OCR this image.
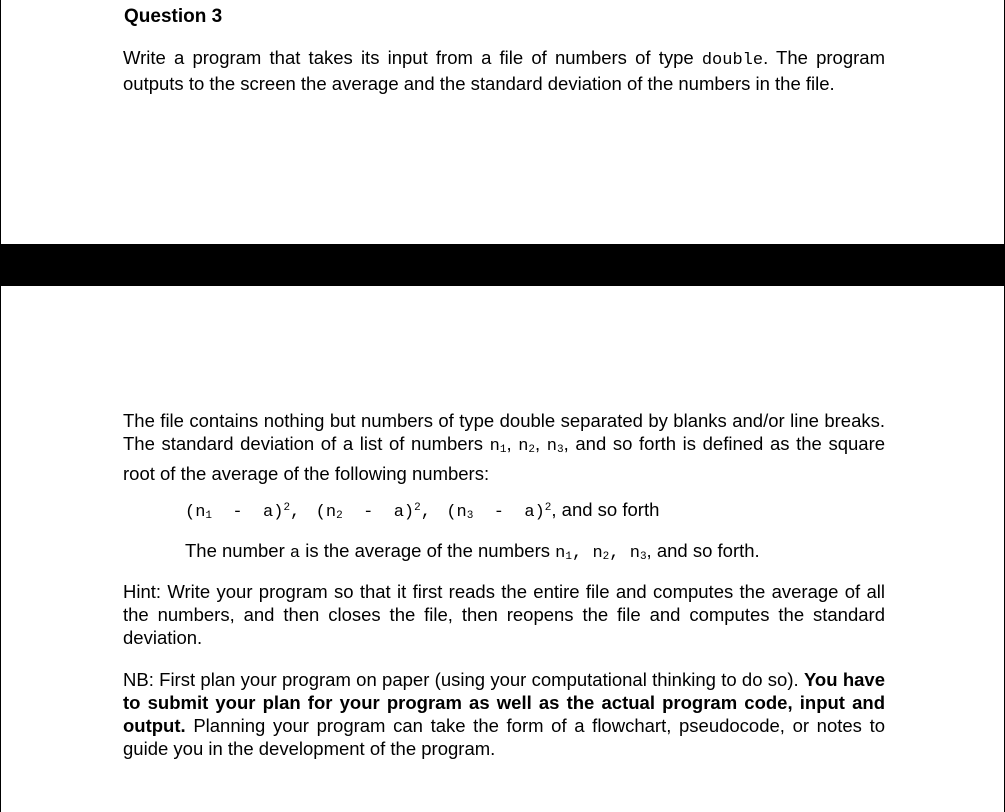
Question 3

Write a program that takes its input from a file of numbers of type double. The program outputs to the screen the average and the standard deviation of the numbers in the file.

The file contains nothing but numbers of type double separated by blanks and/or line breaks. The standard deviation of a list of numbers $n_1$, $n_2$, $n_3$, and so forth is defined as the square root of the average of the following numbers:

$(n_1 - a)^2$, $(n_2 - a)^2$, $(n_3 - a)^2$, and so forth

The number a is the average of the numbers $n_1$, $n_2$, $n_3$, and so forth.

Hint: Write your program so that it first reads the entire file and computes the average of all the numbers, and then closes the file, then reopens the file and computes the standard deviation.

NB: First plan your program on paper (using your computational thinking to do so). You have to submit your plan for your program as well as the actual program code, input and output. Planning your program can take the form of a flowchart, pseudocode, or notes to guide you in the development of the program.
